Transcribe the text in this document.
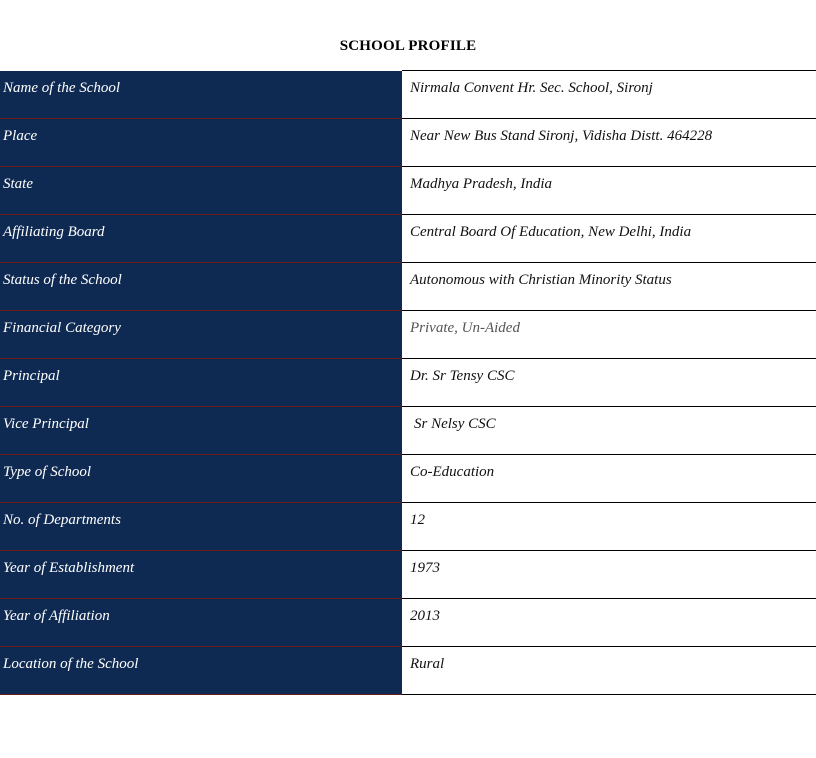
SCHOOL PROFILE
Name of the School	Nirmala Convent Hr. Sec. School, Sironj

Place	Near New Bus Stand Sironj, Vidisha Distt. 464228

State	Madhya Pradesh, India

Affiliating Board	Central Board Of Education, New Delhi, India

Status of the School	Autonomous with Christian Minority Status

Financial Category	Private, Un-Aided

Principal	Dr. Sr Tensy CSC

Vice Principal	Sr Nelsy CSC

Type of School	Co-Education

No. of Departments	12

Year of Establishment	1973

Year of Affiliation	2013

Location of the School	Rural
